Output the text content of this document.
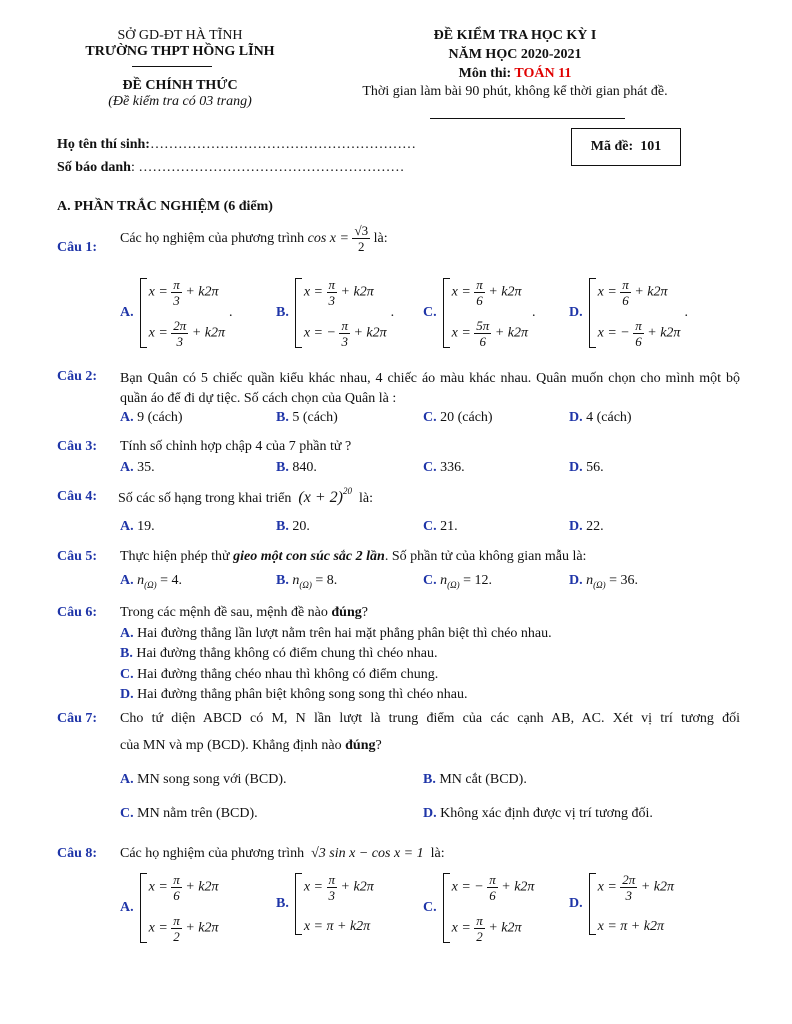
SỞ GD-ĐT HÀ TĨNH
TRƯỜNG THPT HỒNG LĨNH
ĐỀ CHÍNH THỨC
(Đề kiểm tra có 03 trang)
ĐỀ KIỂM TRA HỌC KỲ I
NĂM HỌC 2020-2021
Môn thi: TOÁN 11
Thời gian làm bài 90 phút, không kể thời gian phát đề.
Họ tên thí sinh:…………………………………………………
Số báo danh: …………………………………………………
Mã đề: 101
A. PHẦN TRẮC NGHIỆM (6 điểm)
Câu 1:
Các họ nghiệm của phương trình
$\cos x = \frac{√3}{2}$
là:
A.
$x = \frac{\pi}{3} + k2\pi$
$x = \frac{2\pi}{3} + k2\pi$
.	B.
$x = \frac{\pi}{3} + k2\pi$
x = − $\frac{\pi}{3} + k2\pi$
. C.
$x = \frac{\pi}{6} + k2\pi$
$x = \frac{5\pi}{6} + k2\pi$
. D.
$x = \frac{\pi}{6} + k2\pi$
x = − $\frac{\pi}{6} + k2\pi$
.
Câu 2: Bạn Quân có 5 chiếc quần kiểu khác nhau, 4 chiếc áo màu khác nhau. Quân muốn chọn cho mình một bộ quần áo để đi dự tiệc. Số cách chọn của Quân là :
A. 9 (cách)	B. 5 (cách)	C. 20 (cách)	D. 4 (cách)
Câu 3: Tính số chỉnh hợp chập 4 của 7 phần tử ?
A. 35.	B. 840.	C. 336.	D. 56.
Câu 4: Số các số hạng trong khai triển $(x + 2)^{20}$ là:
A. 19.	B. 20.	C. 21.	D. 22.
Câu 5: Thực hiện phép thử gieo một con súc sắc 2 lần. Số phần tử của không gian mẫu là:
A. $n_{(\Omega)} = 4$.	B. $n_{(\Omega)} = 8$.	C. $n_{(\Omega)} = 12$.	D. $n_{(\Omega)} = 36$.
Câu 6: Trong các mệnh đề sau, mệnh đề nào đúng?
A. Hai đường thẳng lần lượt nằm trên hai mặt phẳng phân biệt thì chéo nhau.
B. Hai đường thẳng không có điểm chung thì chéo nhau.
C. Hai đường thẳng chéo nhau thì không có điểm chung.
D. Hai đường thẳng phân biệt không song song thì chéo nhau.
Câu 7: Cho tứ diện ABCD có M, N lần lượt là trung điểm của các cạnh AB, AC. Xét vị trí tương đối
của MN và mp (BCD). Khẳng định nào đúng?
A. MN song song với (BCD).	B. MN cắt (BCD).
C. MN nằm trên (BCD).	D. Không xác định được vị trí tương đối.
Câu 8: Các họ nghiệm của phương trình √3 sin x − cos x = 1 là:
A.
$x = \frac{\pi}{6} + k2\pi$
$x = \frac{\pi}{2} + k2\pi$
B.
$x = \frac{\pi}{3} + k2\pi$
x = π + k2π
C.
x = − $\frac{\pi}{6} + k2\pi$
$x = \frac{\pi}{2} + k2\pi$
D.
$x = \frac{2\pi}{3} + k2\pi$
x = π + k2π
